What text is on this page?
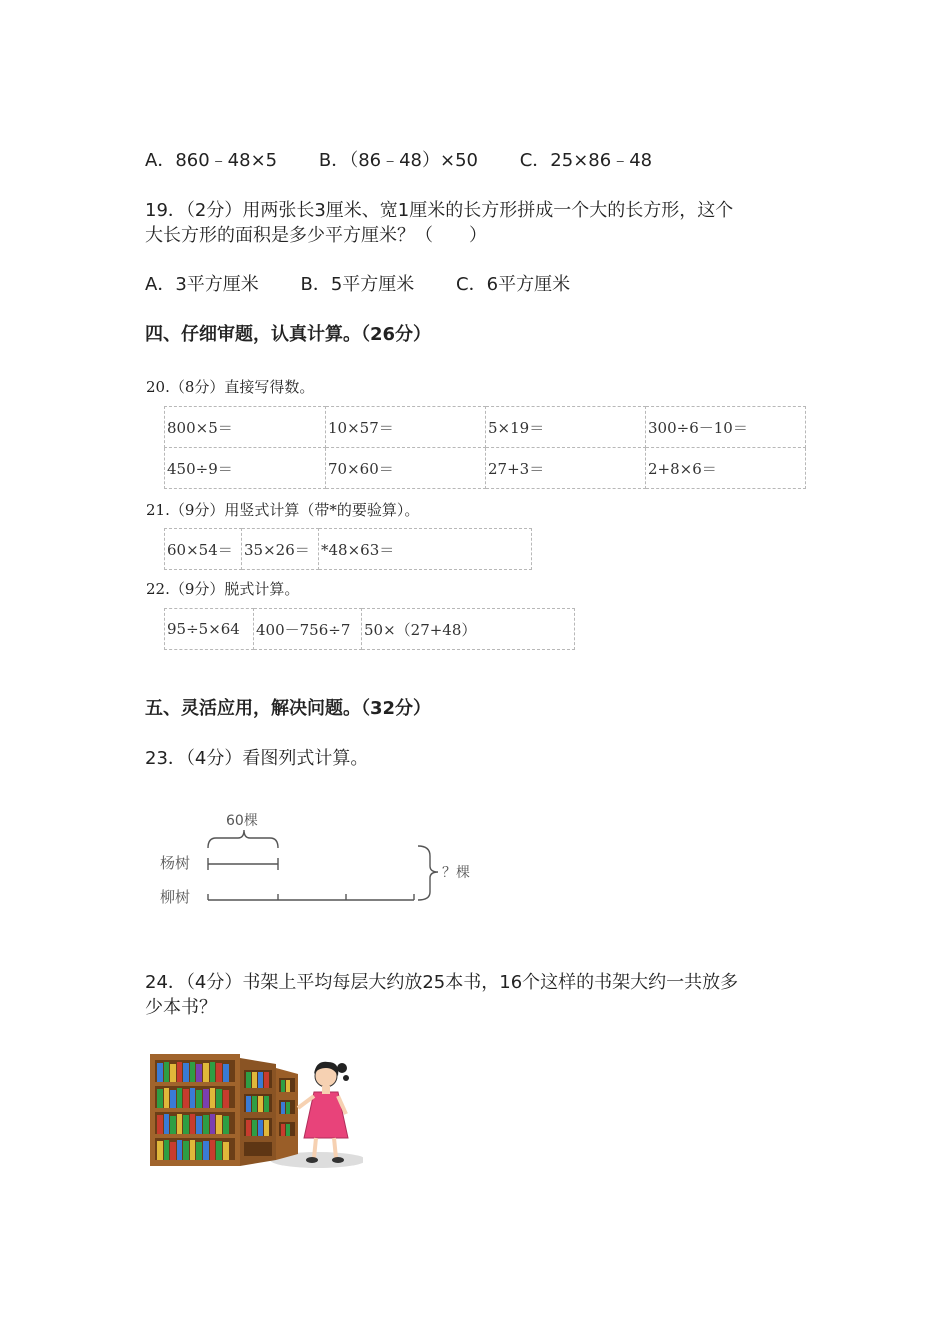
A．860﹣48×5 B．（86﹣48）×50 C．25×86﹣48
19．（2分）用两张长3厘米、宽1厘米的长方形拼成一个大的长方形，这个
大长方形的面积是多少平方厘米？（　　）
A．3平方厘米 B．5平方厘米 C．6平方厘米
四、仔细审题，认真计算。（26分）
20.（8分）直接写得数。
800×5＝	10×57＝	5×19＝	300÷6－10＝
450÷9＝	70×60＝	27+3＝	2+8×6＝
21.（9分）用竖式计算（带*的要验算）。
60×54＝	35×26＝	*48×63＝
22.（9分）脱式计算。
95÷5×64	400－756÷7	50×（27+48）
五、灵活应用，解决问题。（32分）
23．（4分）看图列式计算。
60棵
杨树
柳树
？棵
24．（4分）书架上平均每层大约放25本书，16个这样的书架大约一共放多
少本书？
